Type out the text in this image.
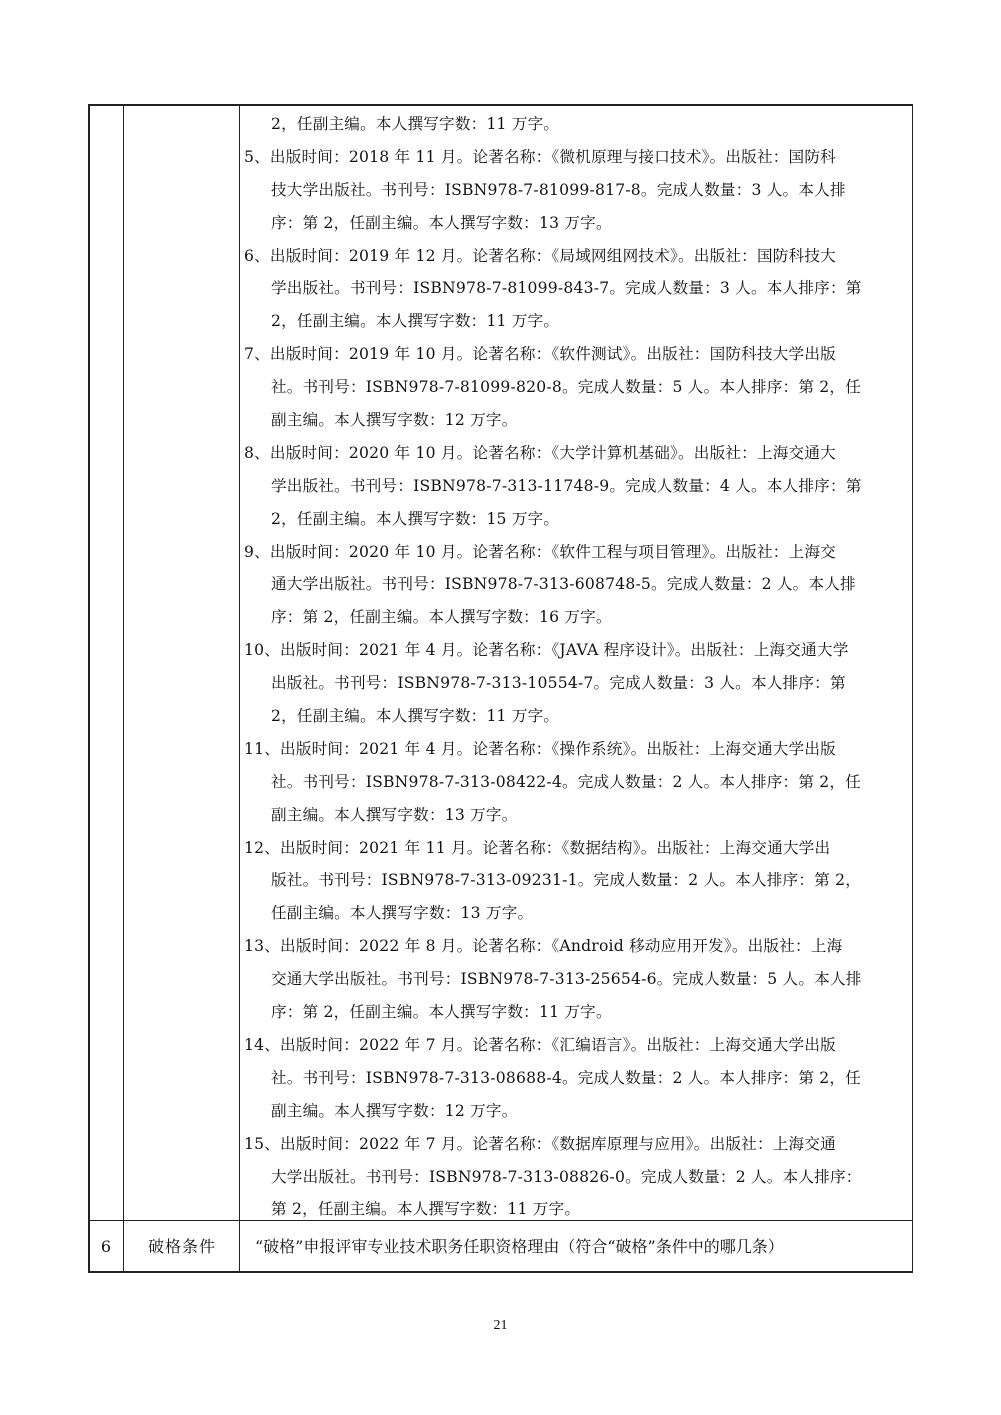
2，任副主编。本人撰写字数：11 万字。
5、出版时间：2018 年 11 月。论著名称：《微机原理与接口技术》。出版社：国防科
技大学出版社。书刊号：ISBN978-7-81099-817-8。完成人数量：3 人。本人排
序：第 2，任副主编。本人撰写字数：13 万字。
6、出版时间：2019 年 12 月。论著名称：《局域网组网技术》。出版社：国防科技大
学出版社。书刊号：ISBN978-7-81099-843-7。完成人数量：3 人。本人排序：第
2，任副主编。本人撰写字数：11 万字。
7、出版时间：2019 年 10 月。论著名称：《软件测试》。出版社：国防科技大学出版
社。书刊号：ISBN978-7-81099-820-8。完成人数量：5 人。本人排序：第 2，任
副主编。本人撰写字数：12 万字。
8、出版时间：2020 年 10 月。论著名称：《大学计算机基础》。出版社：上海交通大
学出版社。书刊号：ISBN978-7-313-11748-9。完成人数量：4 人。本人排序：第
2，任副主编。本人撰写字数：15 万字。
9、出版时间：2020 年 10 月。论著名称：《软件工程与项目管理》。出版社：上海交
通大学出版社。书刊号：ISBN978-7-313-608748-5。完成人数量：2 人。本人排
序：第 2，任副主编。本人撰写字数：16 万字。
10、出版时间：2021 年 4 月。论著名称：《JAVA 程序设计》。出版社：上海交通大学
出版社。书刊号：ISBN978-7-313-10554-7。完成人数量：3 人。本人排序：第
2，任副主编。本人撰写字数：11 万字。
11、出版时间：2021 年 4 月。论著名称：《操作系统》。出版社：上海交通大学出版
社。书刊号：ISBN978-7-313-08422-4。完成人数量：2 人。本人排序：第 2，任
副主编。本人撰写字数：13 万字。
12、出版时间：2021 年 11 月。论著名称：《数据结构》。出版社：上海交通大学出
版社。书刊号：ISBN978-7-313-09231-1。完成人数量：2 人。本人排序：第 2，
任副主编。本人撰写字数：13 万字。
13、出版时间：2022 年 8 月。论著名称：《Android 移动应用开发》。出版社：上海
交通大学出版社。书刊号：ISBN978-7-313-25654-6。完成人数量：5 人。本人排
序：第 2，任副主编。本人撰写字数：11 万字。
14、出版时间：2022 年 7 月。论著名称：《汇编语言》。出版社：上海交通大学出版
社。书刊号：ISBN978-7-313-08688-4。完成人数量：2 人。本人排序：第 2，任
副主编。本人撰写字数：12 万字。
15、出版时间：2022 年 7 月。论著名称：《数据库原理与应用》。出版社：上海交通
大学出版社。书刊号：ISBN978-7-313-08826-0。完成人数量：2 人。本人排序：
第 2，任副主编。本人撰写字数：11 万字。
6	破格条件	“破格”申报评审专业技术职务任职资格理由（符合“破格”条件中的哪几条）
21
